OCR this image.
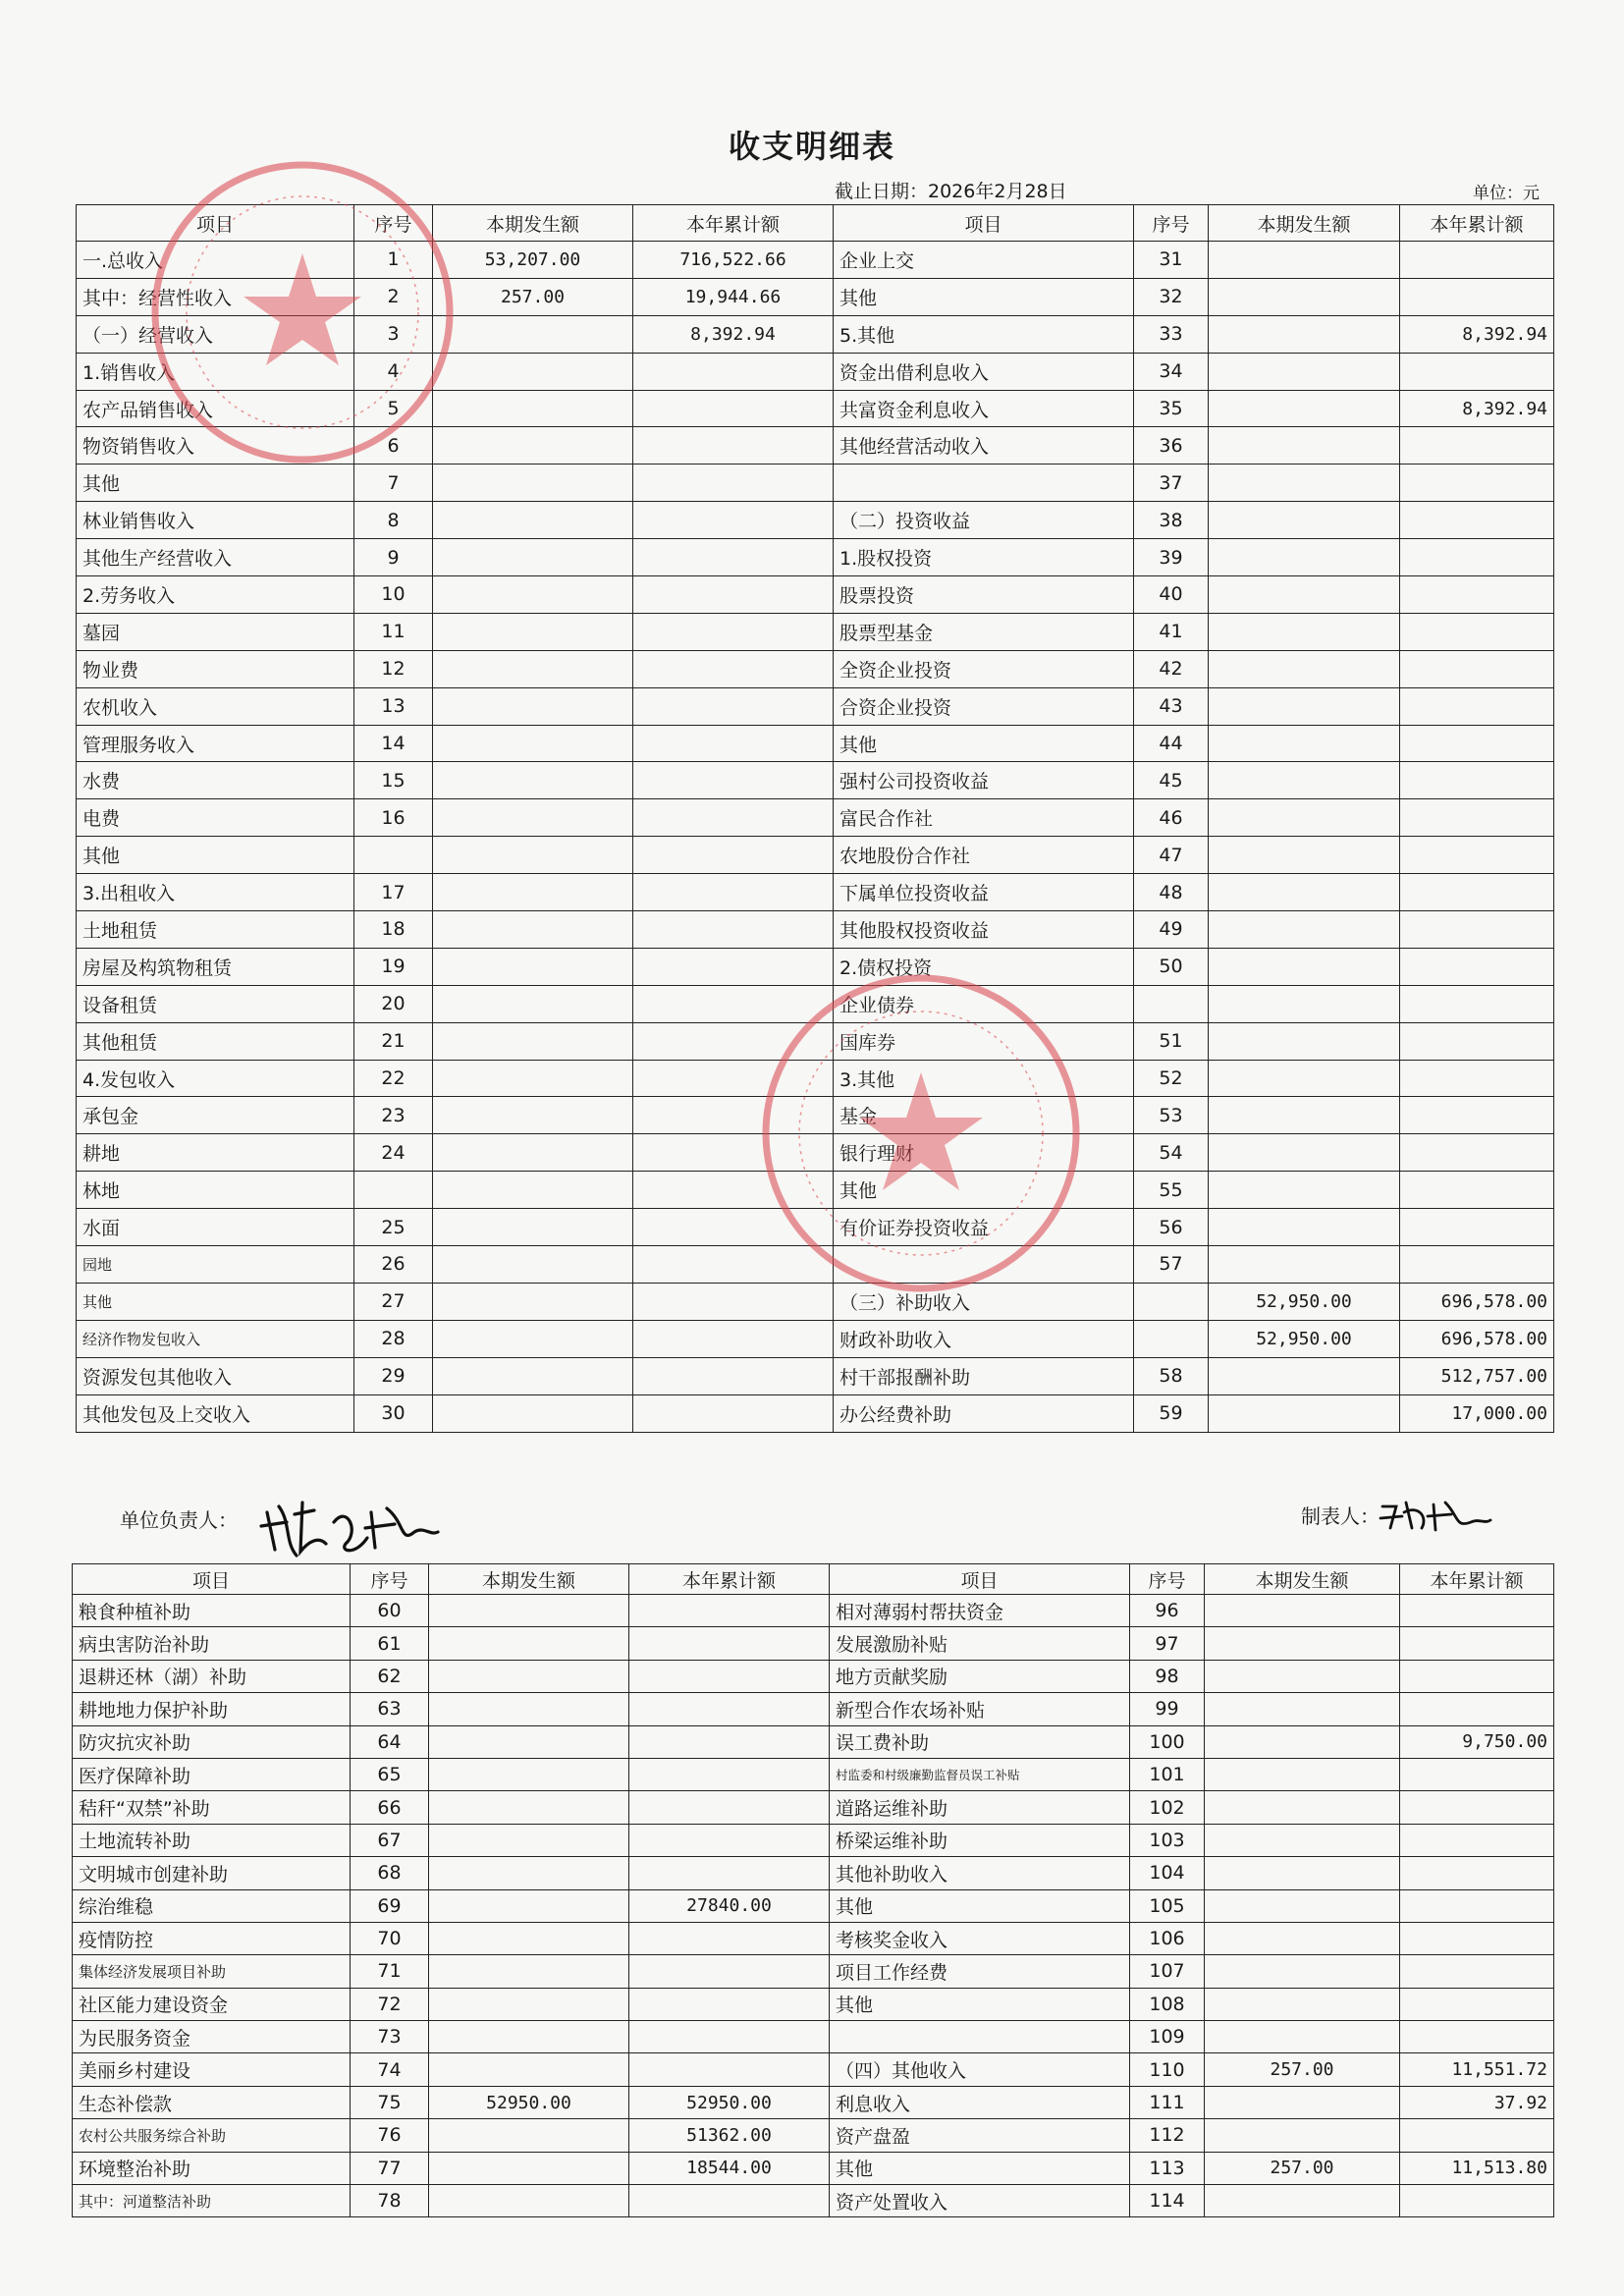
收支明细表
截止日期：2026年2月28日	单位：元
项目	序号	本期发生额	本年累计额	项目	序号	本期发生额	本年累计额
一.总收入	1	53,207.00	716,522.66	企业上交	31		
其中：经营性收入	2	257.00	19,944.66	其他	32		
（一）经营收入	3		8,392.94	5.其他	33		8,392.94
1.销售收入	4			资金出借利息收入	34		
农产品销售收入	5			共富资金利息收入	35		8,392.94
物资销售收入	6			其他经营活动收入	36		
其他	7				37		
林业销售收入	8			（二）投资收益	38		
其他生产经营收入	9			1.股权投资	39		
2.劳务收入	10			股票投资	40		
墓园	11			股票型基金	41		
物业费	12			全资企业投资	42		
农机收入	13			合资企业投资	43		
管理服务收入	14			其他	44		
水费	15			强村公司投资收益	45		
电费	16			富民合作社	46		
其他				农地股份合作社	47		
3.出租收入	17			下属单位投资收益	48		
土地租赁	18			其他股权投资收益	49		
房屋及构筑物租赁	19			2.债权投资	50		
设备租赁	20			企业债券			
其他租赁	21			国库券	51		
4.发包收入	22			3.其他	52		
承包金	23			基金	53		
耕地	24			银行理财	54		
林地				其他	55		
水面	25			有价证券投资收益	56		
园地	26				57		
其他	27			（三）补助收入		52,950.00	696,578.00
经济作物发包收入	28			财政补助收入		52,950.00	696,578.00
资源发包其他收入	29			村干部报酬补助	58		512,757.00
其他发包及上交收入	30			办公经费补助	59		17,000.00
单位负责人：	制表人：
项目	序号	本期发生额	本年累计额	项目	序号	本期发生额	本年累计额
粮食种植补助	60			相对薄弱村帮扶资金	96		
病虫害防治补助	61			发展激励补贴	97		
退耕还林（湖）补助	62			地方贡献奖励	98		
耕地地力保护补助	63			新型合作农场补贴	99		
防灾抗灾补助	64			误工费补助	100		9,750.00
医疗保障补助	65			村监委和村级廉勤监督员误工补贴	101		
秸秆“双禁”补助	66			道路运维补助	102		
土地流转补助	67			桥梁运维补助	103		
文明城市创建补助	68			其他补助收入	104		
综治维稳	69		27840.00	其他	105		
疫情防控	70			考核奖金收入	106		
集体经济发展项目补助	71			项目工作经费	107		
社区能力建设资金	72			其他	108		
为民服务资金	73				109		
美丽乡村建设	74			（四）其他收入	110	257.00	11,551.72
生态补偿款	75	52950.00	52950.00	利息收入	111		37.92
农村公共服务综合补助	76		51362.00	资产盘盈	112		
环境整治补助	77		18544.00	其他	113	257.00	11,513.80
其中：河道整洁补助	78			资产处置收入	114		
